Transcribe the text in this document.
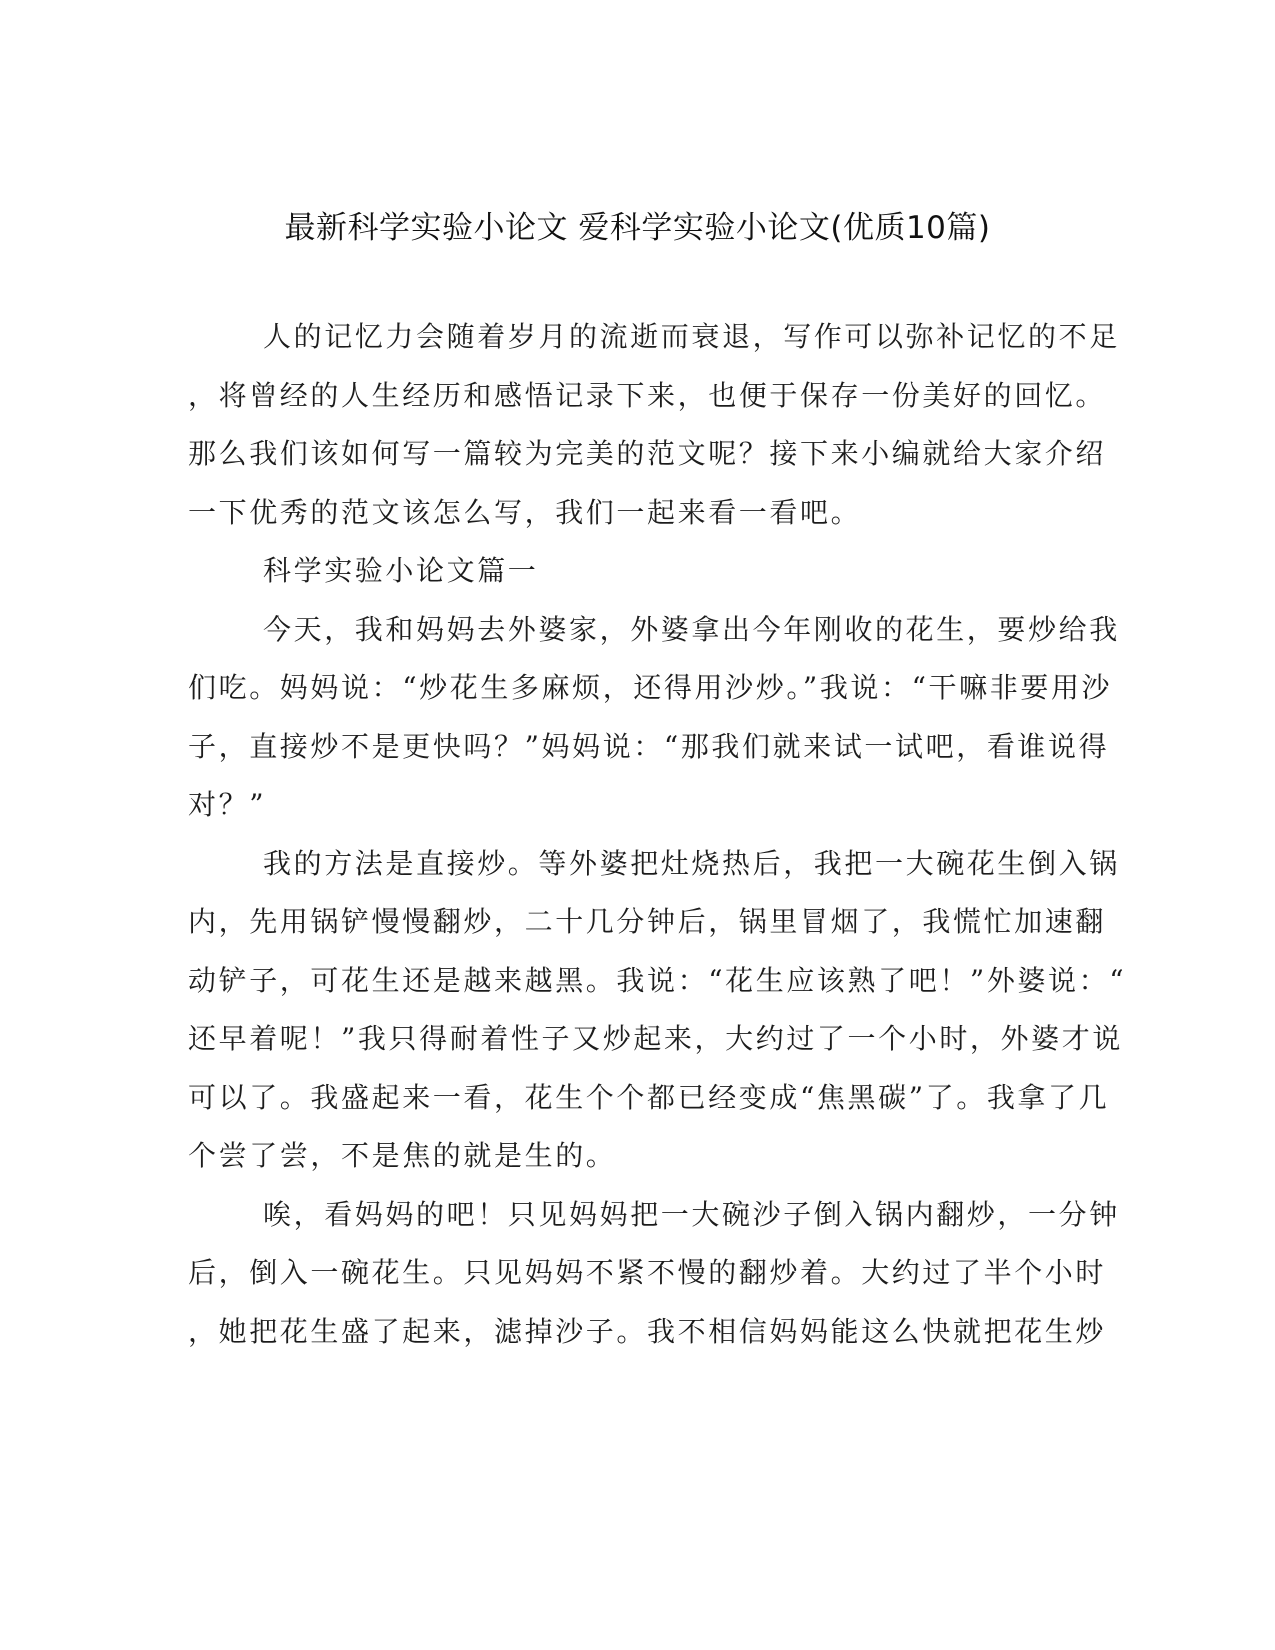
最新科学实验小论文 爱科学实验小论文(优质10篇)
人的记忆力会随着岁月的流逝而衰退，写作可以弥补记忆的不足
，将曾经的人生经历和感悟记录下来，也便于保存一份美好的回忆。
那么我们该如何写一篇较为完美的范文呢？接下来小编就给大家介绍
一下优秀的范文该怎么写，我们一起来看一看吧。
科学实验小论文篇一
今天，我和妈妈去外婆家，外婆拿出今年刚收的花生，要炒给我
们吃。妈妈说：“炒花生多麻烦，还得用沙炒。”我说：“干嘛非要用沙
子，直接炒不是更快吗？”妈妈说：“那我们就来试一试吧，看谁说得
对？”
我的方法是直接炒。等外婆把灶烧热后，我把一大碗花生倒入锅
内，先用锅铲慢慢翻炒，二十几分钟后，锅里冒烟了，我慌忙加速翻
动铲子，可花生还是越来越黑。我说：“花生应该熟了吧！”外婆说：“
还早着呢！”我只得耐着性子又炒起来，大约过了一个小时，外婆才说
可以了。我盛起来一看，花生个个都已经变成“焦黑碳”了。我拿了几
个尝了尝，不是焦的就是生的。
唉，看妈妈的吧！只见妈妈把一大碗沙子倒入锅内翻炒，一分钟
后，倒入一碗花生。只见妈妈不紧不慢的翻炒着。大约过了半个小时
，她把花生盛了起来，滤掉沙子。我不相信妈妈能这么快就把花生炒
